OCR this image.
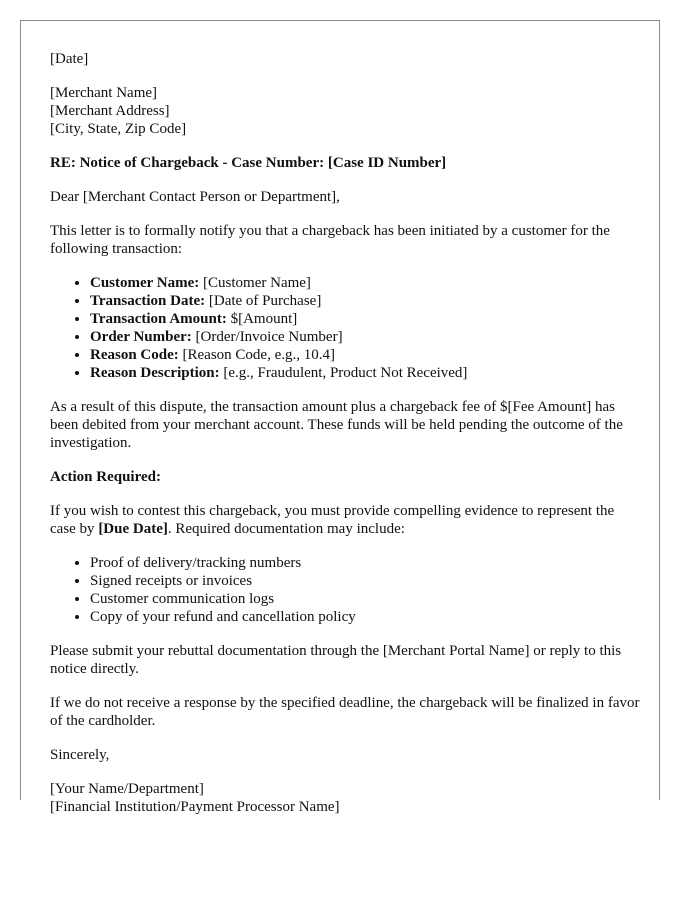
[Date]

[Merchant Name]
[Merchant Address]
[City, State, Zip Code]

RE: Notice of Chargeback - Case Number: [Case ID Number]

Dear [Merchant Contact Person or Department],

This letter is to formally notify you that a chargeback has been initiated by a customer for the following transaction:

• Customer Name: [Customer Name]
• Transaction Date: [Date of Purchase]
• Transaction Amount: $[Amount]
• Order Number: [Order/Invoice Number]
• Reason Code: [Reason Code, e.g., 10.4]
• Reason Description: [e.g., Fraudulent, Product Not Received]

As a result of this dispute, the transaction amount plus a chargeback fee of $[Fee Amount] has been debited from your merchant account. These funds will be held pending the outcome of the investigation.

Action Required:

If you wish to contest this chargeback, you must provide compelling evidence to represent the case by [Due Date]. Required documentation may include:

• Proof of delivery/tracking numbers
• Signed receipts or invoices
• Customer communication logs
• Copy of your refund and cancellation policy

Please submit your rebuttal documentation through the [Merchant Portal Name] or reply to this notice directly.

If we do not receive a response by the specified deadline, the chargeback will be finalized in favor of the cardholder.

Sincerely,

[Your Name/Department]
[Financial Institution/Payment Processor Name]
